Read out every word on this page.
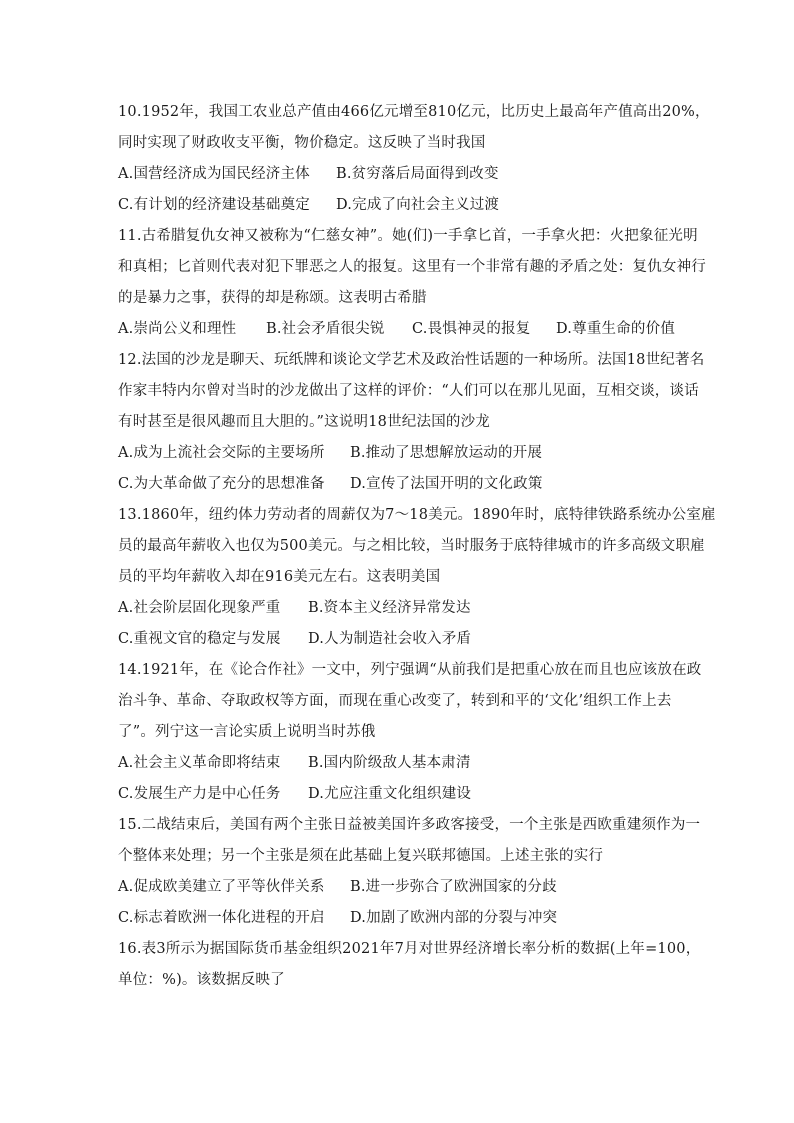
10.1952年，我国工农业总产值由466亿元增至810亿元，比历史上最高年产值高出20%，
同时实现了财政收支平衡，物价稳定。这反映了当时我国
A.国营经济成为国民经济主体 B.贫穷落后局面得到改变
C.有计划的经济建设基础奠定 D.完成了向社会主义过渡
11.古希腊复仇女神又被称为“仁慈女神”。她(们)一手拿匕首，一手拿火把：火把象征光明
和真相；匕首则代表对犯下罪恶之人的报复。这里有一个非常有趣的矛盾之处：复仇女神行
的是暴力之事，获得的却是称颂。这表明古希腊
A.崇尚公义和理性 B.社会矛盾很尖锐 C.畏惧神灵的报复 D.尊重生命的价值
12.法国的沙龙是聊天、玩纸牌和谈论文学艺术及政治性话题的一种场所。法国18世纪著名
作家丰特内尔曾对当时的沙龙做出了这样的评价：“人们可以在那儿见面，互相交谈，谈话
有时甚至是很风趣而且大胆的。”这说明18世纪法国的沙龙
A.成为上流社会交际的主要场所 B.推动了思想解放运动的开展
C.为大革命做了充分的思想准备 D.宣传了法国开明的文化政策
13.1860年，纽约体力劳动者的周薪仅为7～18美元。1890年时，底特律铁路系统办公室雇
员的最高年薪收入也仅为500美元。与之相比较，当时服务于底特律城市的许多高级文职雇
员的平均年薪收入却在916美元左右。这表明美国
A.社会阶层固化现象严重 B.资本主义经济异常发达
C.重视文官的稳定与发展 D.人为制造社会收入矛盾
14.1921年，在《论合作社》一文中，列宁强调“从前我们是把重心放在而且也应该放在政
治斗争、革命、夺取政权等方面，而现在重心改变了，转到和平的‘文化’组织工作上去
了”。列宁这一言论实质上说明当时苏俄
A.社会主义革命即将结束 B.国内阶级敌人基本肃清
C.发展生产力是中心任务 D.尤应注重文化组织建设
15.二战结束后，美国有两个主张日益被美国许多政客接受，一个主张是西欧重建须作为一
个整体来处理；另一个主张是须在此基础上复兴联邦德国。上述主张的实行
A.促成欧美建立了平等伙伴关系 B.进一步弥合了欧洲国家的分歧
C.标志着欧洲一体化进程的开启 D.加剧了欧洲内部的分裂与冲突
16.表3所示为据国际货币基金组织2021年7月对世界经济增长率分析的数据(上年=100，
单位：%)。该数据反映了
